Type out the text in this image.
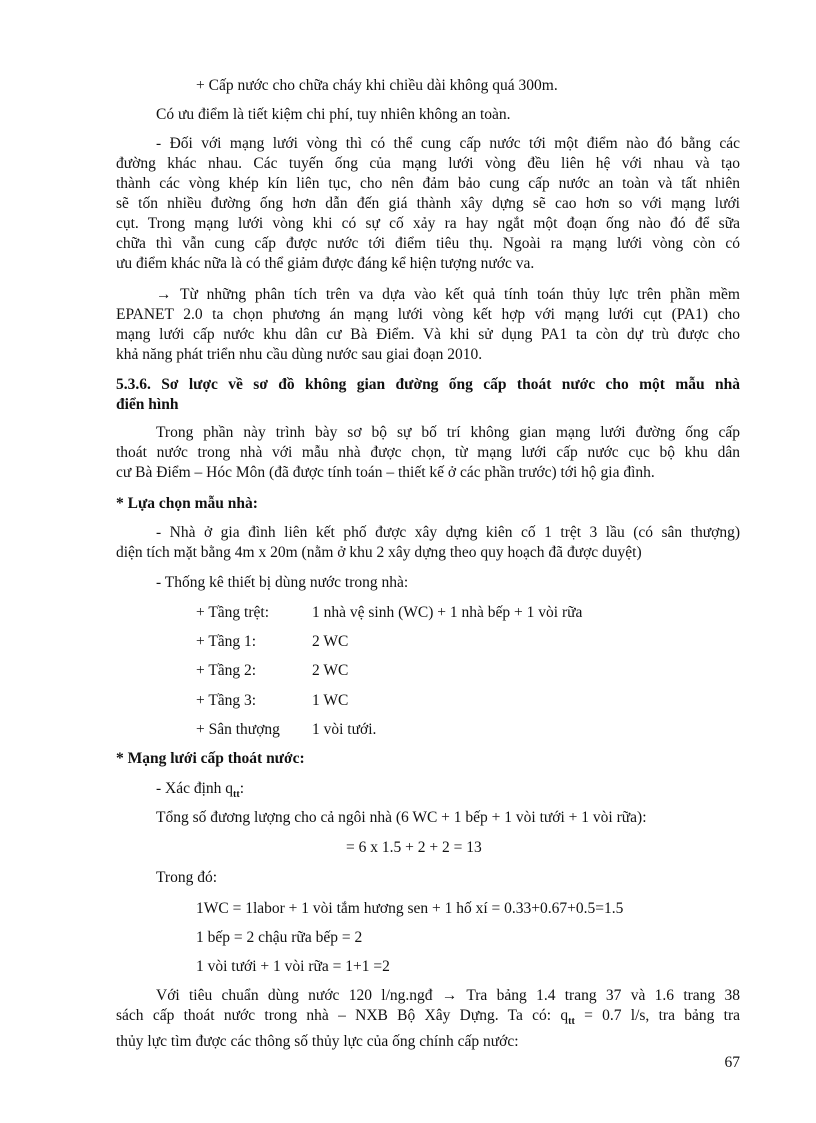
+ Cấp nước cho chữa cháy khi chiều dài không quá 300m.
Có ưu điểm là tiết kiệm chi phí, tuy nhiên không an toàn.
- Đối với mạng lưới vòng thì có thể cung cấp nước tới một điểm nào đó bằng các
đường khác nhau. Các tuyến ống của mạng lưới vòng đều liên hệ với nhau và tạo
thành các vòng khép kín liên tục, cho nên đảm bảo cung cấp nước an toàn và tất nhiên
sẽ tốn nhiều đường ống hơn dẫn đến giá thành xây dựng sẽ cao hơn so với mạng lưới
cụt. Trong mạng lưới vòng khi có sự cố xảy ra hay ngắt một đoạn ống nào đó để sữa
chữa thì vẫn cung cấp được nước tới điểm tiêu thụ. Ngoài ra mạng lưới vòng còn có
ưu điểm khác nữa là có thể giảm được đáng kể hiện tượng nước va.
→ Từ những phân tích trên va dựa vào kết quả tính toán thủy lực trên phần mềm
EPANET 2.0 ta chọn phương án mạng lưới vòng kết hợp với mạng lưới cụt (PA1) cho
mạng lưới cấp nước khu dân cư Bà Điểm. Và khi sử dụng PA1 ta còn dự trù được cho
khả năng phát triển nhu cầu dùng nước sau giai đoạn 2010.
5.3.6. Sơ lược về sơ đồ không gian đường ống cấp thoát nước cho một mẫu nhà
điển hình
Trong phần này trình bày sơ bộ sự bố trí không gian mạng lưới đường ống cấp
thoát nước trong nhà với mẫu nhà được chọn, từ mạng lưới cấp nước cục bộ khu dân
cư Bà Điểm – Hóc Môn (đã được tính toán – thiết kế ở các phần trước) tới hộ gia đình.
* Lựa chọn mẫu nhà:
- Nhà ở gia đình liên kết phố được xây dựng kiên cố 1 trệt 3 lầu (có sân thượng)
diện tích mặt bằng 4m x 20m (nằm ở khu 2 xây dựng theo quy hoạch đã được duyệt)
- Thống kê thiết bị dùng nước trong nhà:
+ Tầng trệt:	1 nhà vệ sinh (WC) + 1 nhà bếp + 1 vòi rữa
+ Tầng 1:	2 WC
+ Tầng 2:	2 WC
+ Tầng 3:	1 WC
+ Sân thượng 1 vòi tưới.
* Mạng lưới cấp thoát nước:
- Xác định $q_{tt}$:
Tổng số đương lượng cho cả ngôi nhà (6 WC + 1 bếp + 1 vòi tưới + 1 vòi rữa):
= 6 x 1.5 + 2 + 2 = 13
Trong đó:
1WC = 1labor + 1 vòi tắm hương sen + 1 hố xí = 0.33+0.67+0.5=1.5
1 bếp = 2 chậu rữa bếp = 2
1 vòi tưới + 1 vòi rữa = 1+1 =2
Với tiêu chuẩn dùng nước 120 l/ng.ngđ → Tra bảng 1.4 trang 37 và 1.6 trang 38
sách cấp thoát nước trong nhà – NXB Bộ Xây Dựng. Ta có: $q_{tt} = 0.7$ l/s, tra bảng tra
thủy lực tìm được các thông số thủy lực của ống chính cấp nước:
67
